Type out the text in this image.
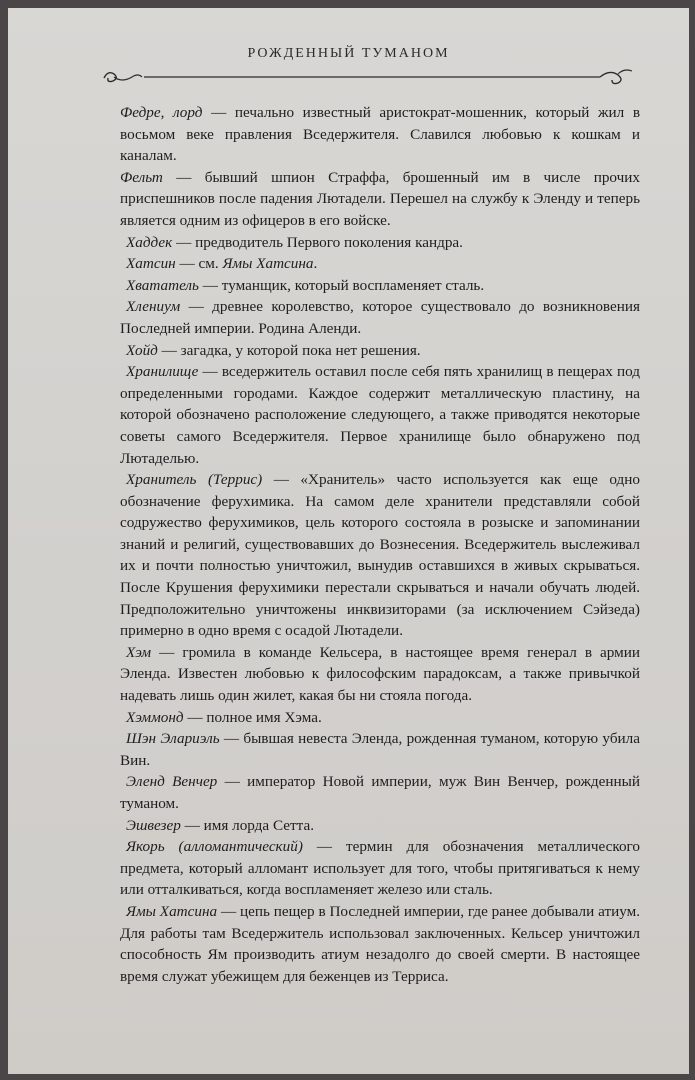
РОЖДЕННЫЙ ТУМАНОМ

Федре, лорд — печально известный аристократ-мошенник, который жил в восьмом веке правления Вседержителя. Славился любовью к кошкам и каналам.

Фельт — бывший шпион Страффа, брошенный им в числе прочих приспешников после падения Лютадели. Перешел на службу к Эленду и теперь является одним из офицеров в его войске.

Хаддек — предводитель Первого поколения кандра.

Хатсин — см. Ямы Хатсина.

Хвататель — туманщик, который воспламеняет сталь.

Хлениум — древнее королевство, которое существовало до возникновения Последней империи. Родина Аленди.

Хойд — загадка, у которой пока нет решения.

Хранилище — вседержитель оставил после себя пять хранилищ в пещерах под определенными городами. Каждое содержит металлическую пластину, на которой обозначено расположение следующего, а также приводятся некоторые советы самого Вседержителя. Первое хранилище было обнаружено под Лютаделью.

Хранитель (Террис) — «Хранитель» часто используется как еще одно обозначение ферухимика. На самом деле хранители представляли собой содружество ферухимиков, цель которого состояла в розыске и запоминании знаний и религий, существовавших до Вознесения. Вседержитель выслеживал их и почти полностью уничтожил, вынудив оставшихся в живых скрываться. После Крушения ферухимики перестали скрываться и начали обучать людей. Предположительно уничтожены инквизиторами (за исключением Сэйзеда) примерно в одно время с осадой Лютадели.

Хэм — громила в команде Кельсера, в настоящее время генерал в армии Эленда. Известен любовью к философским парадоксам, а также привычкой надевать лишь один жилет, какая бы ни стояла погода.

Хэммонд — полное имя Хэма.

Шэн Элариэль — бывшая невеста Эленда, рожденная туманом, которую убила Вин.

Эленд Венчер — император Новой империи, муж Вин Венчер, рожденный туманом.

Эшвезер — имя лорда Сетта.

Якорь (алломантический) — термин для обозначения металлического предмета, который алломант использует для того, чтобы притягиваться к нему или отталкиваться, когда воспламеняет железо или сталь.

Ямы Хатсина — цепь пещер в Последней империи, где ранее добывали атиум. Для работы там Вседержитель использовал заключенных. Кельсер уничтожил способность Ям производить атиум незадолго до своей смерти. В настоящее время служат убежищем для беженцев из Терриса.
